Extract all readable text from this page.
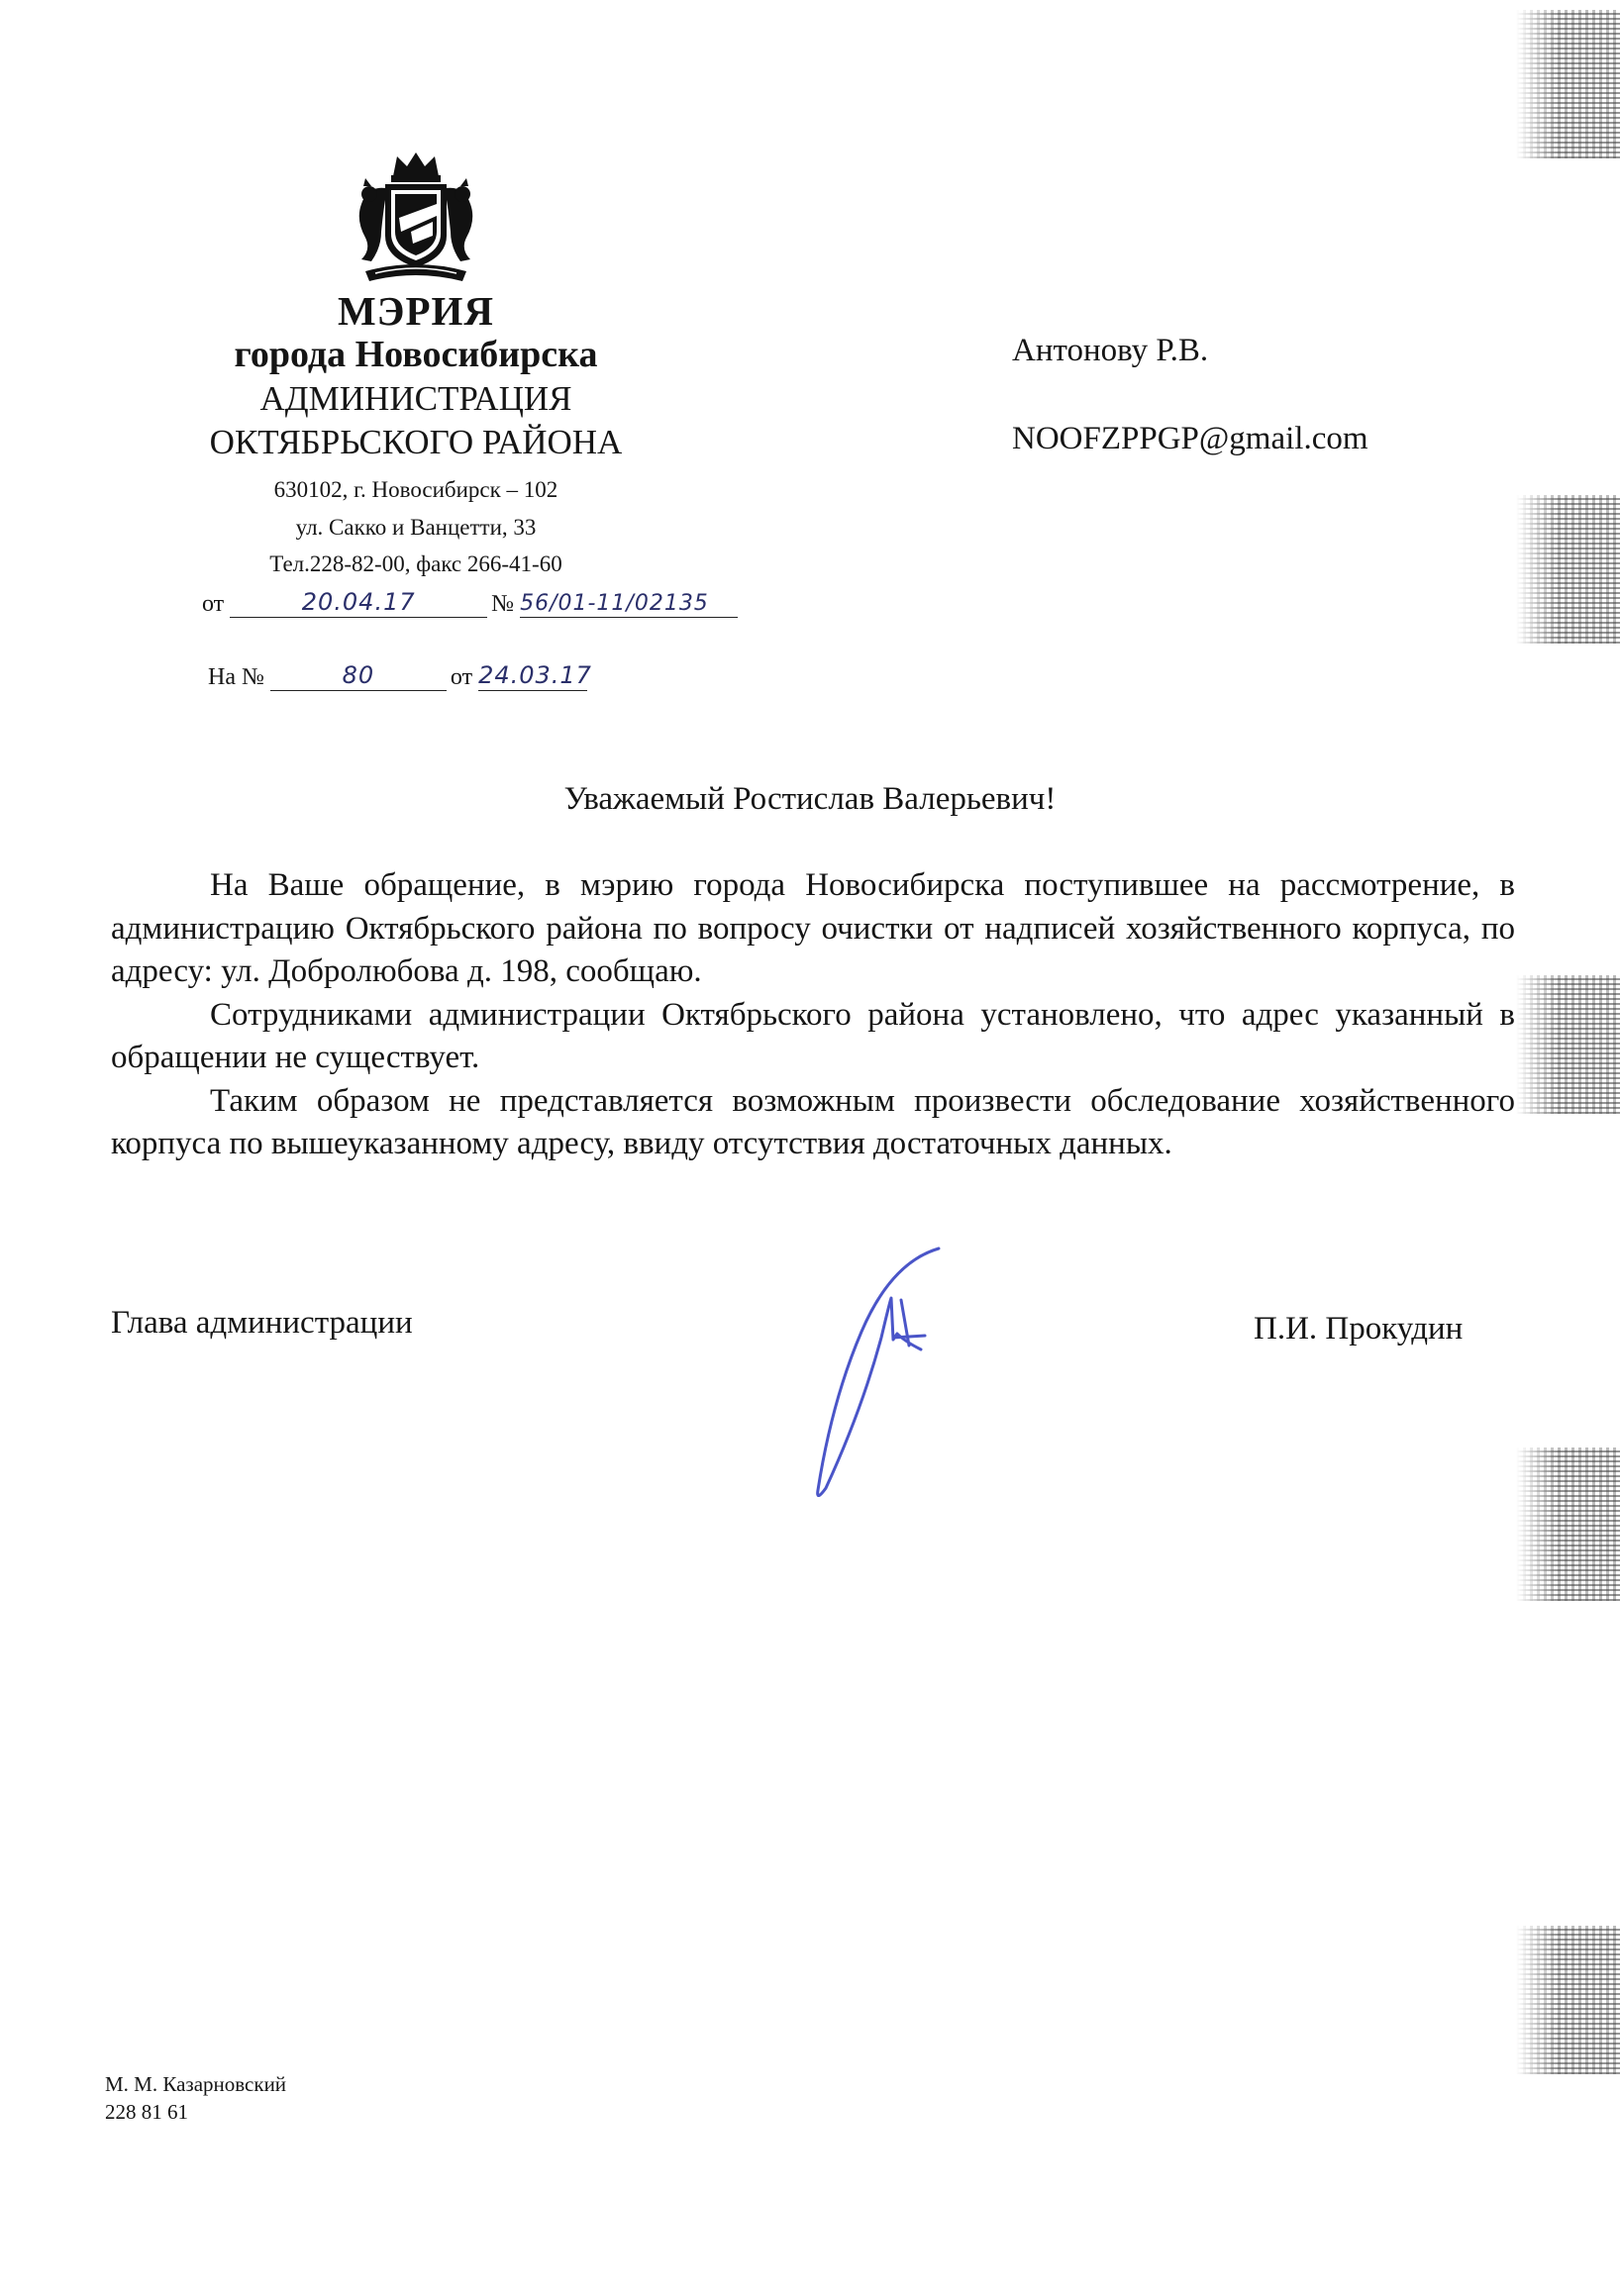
МЭРИЯ
города Новосибирска
АДМИНИСТРАЦИЯ
ОКТЯБРЬСКОГО РАЙОНА
630102, г. Новосибирск – 102
ул. Сакко и Ванцетти, 33
Тел.228-82-00, факс 266-41-60
от	20.04.17	№ 56/01-11/02135
На №	80	от 24.03.17
Антонову Р.В.
NOOFZPPGP@gmail.com
Уважаемый Ростислав Валерьевич!

На Ваше обращение, в мэрию города Новосибирска поступившее на рассмотрение, в администрацию Октябрьского района по вопросу очистки от надписей хозяйственного корпуса, по адресу: ул. Добролюбова д. 198, сообщаю.

Сотрудниками администрации Октябрьского района установлено, что адрес указанный в обращении не существует.

Таким образом не представляется возможным произвести обследование хозяйственного корпуса по вышеуказанному адресу, ввиду отсутствия достаточных данных.

Глава администрации	П.И. Прокудин
М. М. Казарновский
228 81 61
